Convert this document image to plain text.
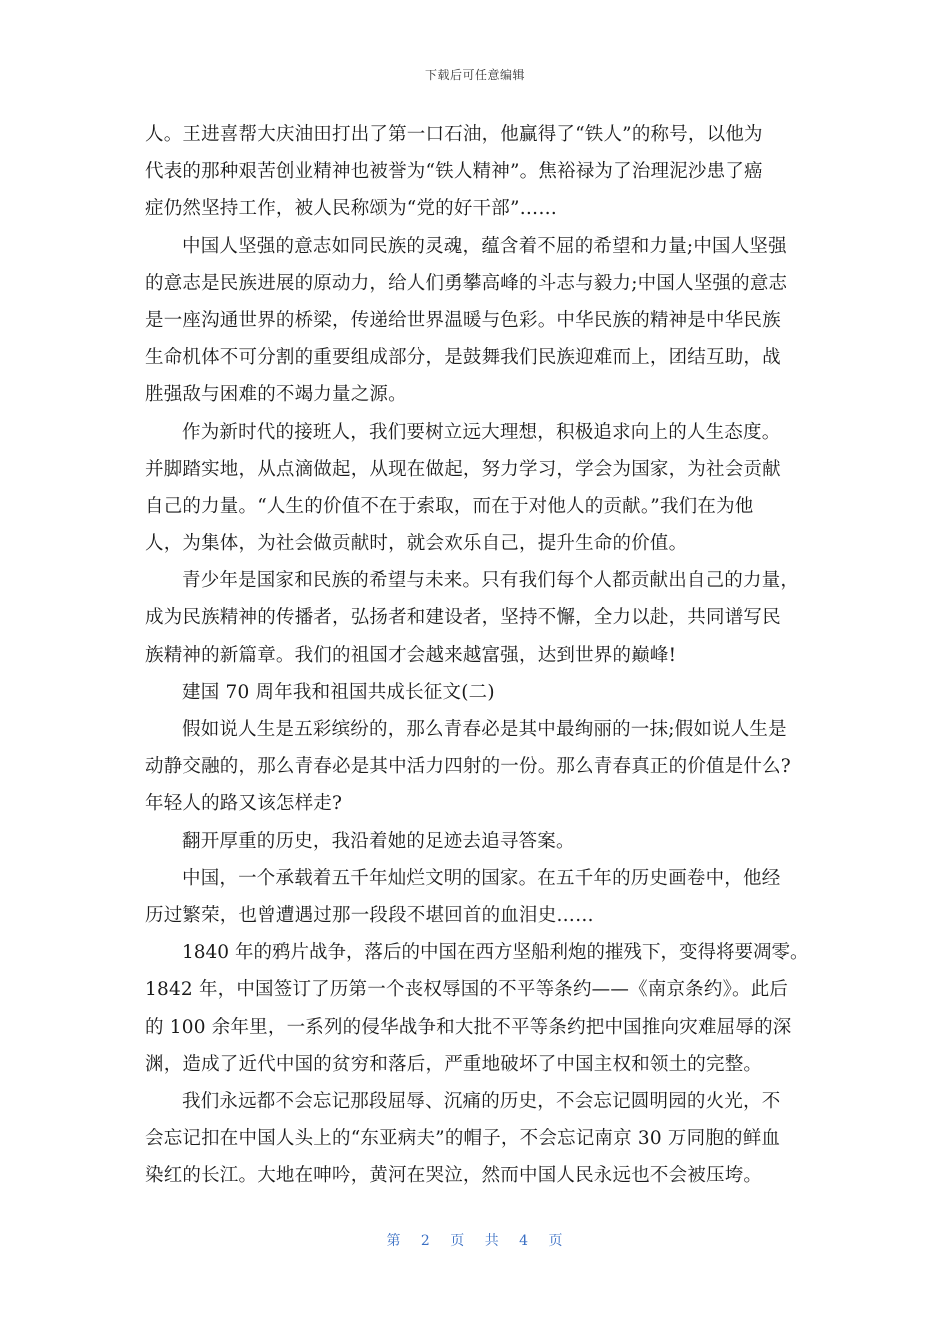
下载后可任意编辑
人。王进喜帮大庆油田打出了第一口石油，他赢得了“铁人”的称号，以他为
代表的那种艰苦创业精神也被誉为“铁人精神”。焦裕禄为了治理泥沙患了癌
症仍然坚持工作，被人民称颂为“党的好干部”……
中国人坚强的意志如同民族的灵魂，蕴含着不屈的希望和力量;中国人坚强
的意志是民族进展的原动力，给人们勇攀高峰的斗志与毅力;中国人坚强的意志
是一座沟通世界的桥梁，传递给世界温暖与色彩。中华民族的精神是中华民族
生命机体不可分割的重要组成部分，是鼓舞我们民族迎难而上，团结互助，战
胜强敌与困难的不竭力量之源。
作为新时代的接班人，我们要树立远大理想，积极追求向上的人生态度。
并脚踏实地，从点滴做起，从现在做起，努力学习，学会为国家，为社会贡献
自己的力量。“人生的价值不在于索取，而在于对他人的贡献。”我们在为他
人，为集体，为社会做贡献时，就会欢乐自己，提升生命的价值。
青少年是国家和民族的希望与未来。只有我们每个人都贡献出自己的力量，
成为民族精神的传播者，弘扬者和建设者，坚持不懈，全力以赴，共同谱写民
族精神的新篇章。我们的祖国才会越来越富强，达到世界的巅峰!
建国 70 周年我和祖国共成长征文(二)
假如说人生是五彩缤纷的，那么青春必是其中最绚丽的一抹;假如说人生是
动静交融的，那么青春必是其中活力四射的一份。那么青春真正的价值是什么?
年轻人的路又该怎样走?
翻开厚重的历史，我沿着她的足迹去追寻答案。
中国，一个承载着五千年灿烂文明的国家。在五千年的历史画卷中，他经
历过繁荣，也曾遭遇过那一段段不堪回首的血泪史……
1840 年的鸦片战争，落后的中国在西方坚船利炮的摧残下，变得将要凋零。
1842 年，中国签订了历第一个丧权辱国的不平等条约——《南京条约》。此后
的 100 余年里，一系列的侵华战争和大批不平等条约把中国推向灾难屈辱的深
渊，造成了近代中国的贫穷和落后，严重地破坏了中国主权和领土的完整。
我们永远都不会忘记那段屈辱、沉痛的历史，不会忘记圆明园的火光，不
会忘记扣在中国人头上的“东亚病夫”的帽子，不会忘记南京 30 万同胞的鲜血
染红的长江。大地在呻吟，黄河在哭泣，然而中国人民永远也不会被压垮。
第 2 页 共 4 页
